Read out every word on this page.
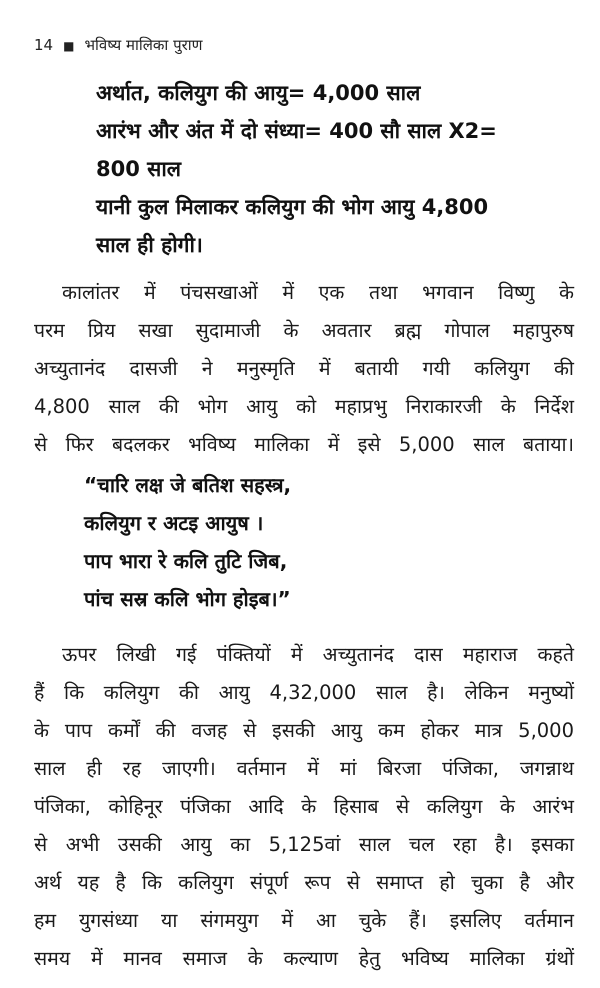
14 ■ भविष्य मालिका पुराण
अर्थात, कलियुग की आयु= 4,000 साल
आरंभ और अंत में दो संध्या= 400 सौ साल X2=
800 साल
यानी कुल मिलाकर कलियुग की भोग आयु 4,800
साल ही होगी।
कालांतर में पंचसखाओं में एक तथा भगवान विष्णु के
परम प्रिय सखा सुदामाजी के अवतार ब्रह्म गोपाल महापुरुष
अच्युतानंद दासजी ने मनुस्मृति में बतायी गयी कलियुग की
4,800 साल की भोग आयु को महाप्रभु निराकारजी के निर्देश
से फिर बदलकर भविष्य मालिका में इसे 5,000 साल बताया।
“चारि लक्ष जे बतिश सहस्त्र,
कलियुग र अटइ आयुष ।
पाप भारा रे कलि तुटि जिब,
पांच सस्र कलि भोग होइब।”
ऊपर लिखी गई पंक्तियों में अच्युतानंद दास महाराज कहते
हैं कि कलियुग की आयु 4,32,000 साल है। लेकिन मनुष्यों
के पाप कर्मों की वजह से इसकी आयु कम होकर मात्र 5,000
साल ही रह जाएगी। वर्तमान में मां बिरजा पंजिका, जगन्नाथ
पंजिका, कोहिनूर पंजिका आदि के हिसाब से कलियुग के आरंभ
से अभी उसकी आयु का 5,125वां साल चल रहा है। इसका
अर्थ यह है कि कलियुग संपूर्ण रूप से समाप्त हो चुका है और
हम युगसंध्या या संगमयुग में आ चुके हैं। इसलिए वर्तमान
समय में मानव समाज के कल्याण हेतु भविष्य मालिका ग्रंथों
